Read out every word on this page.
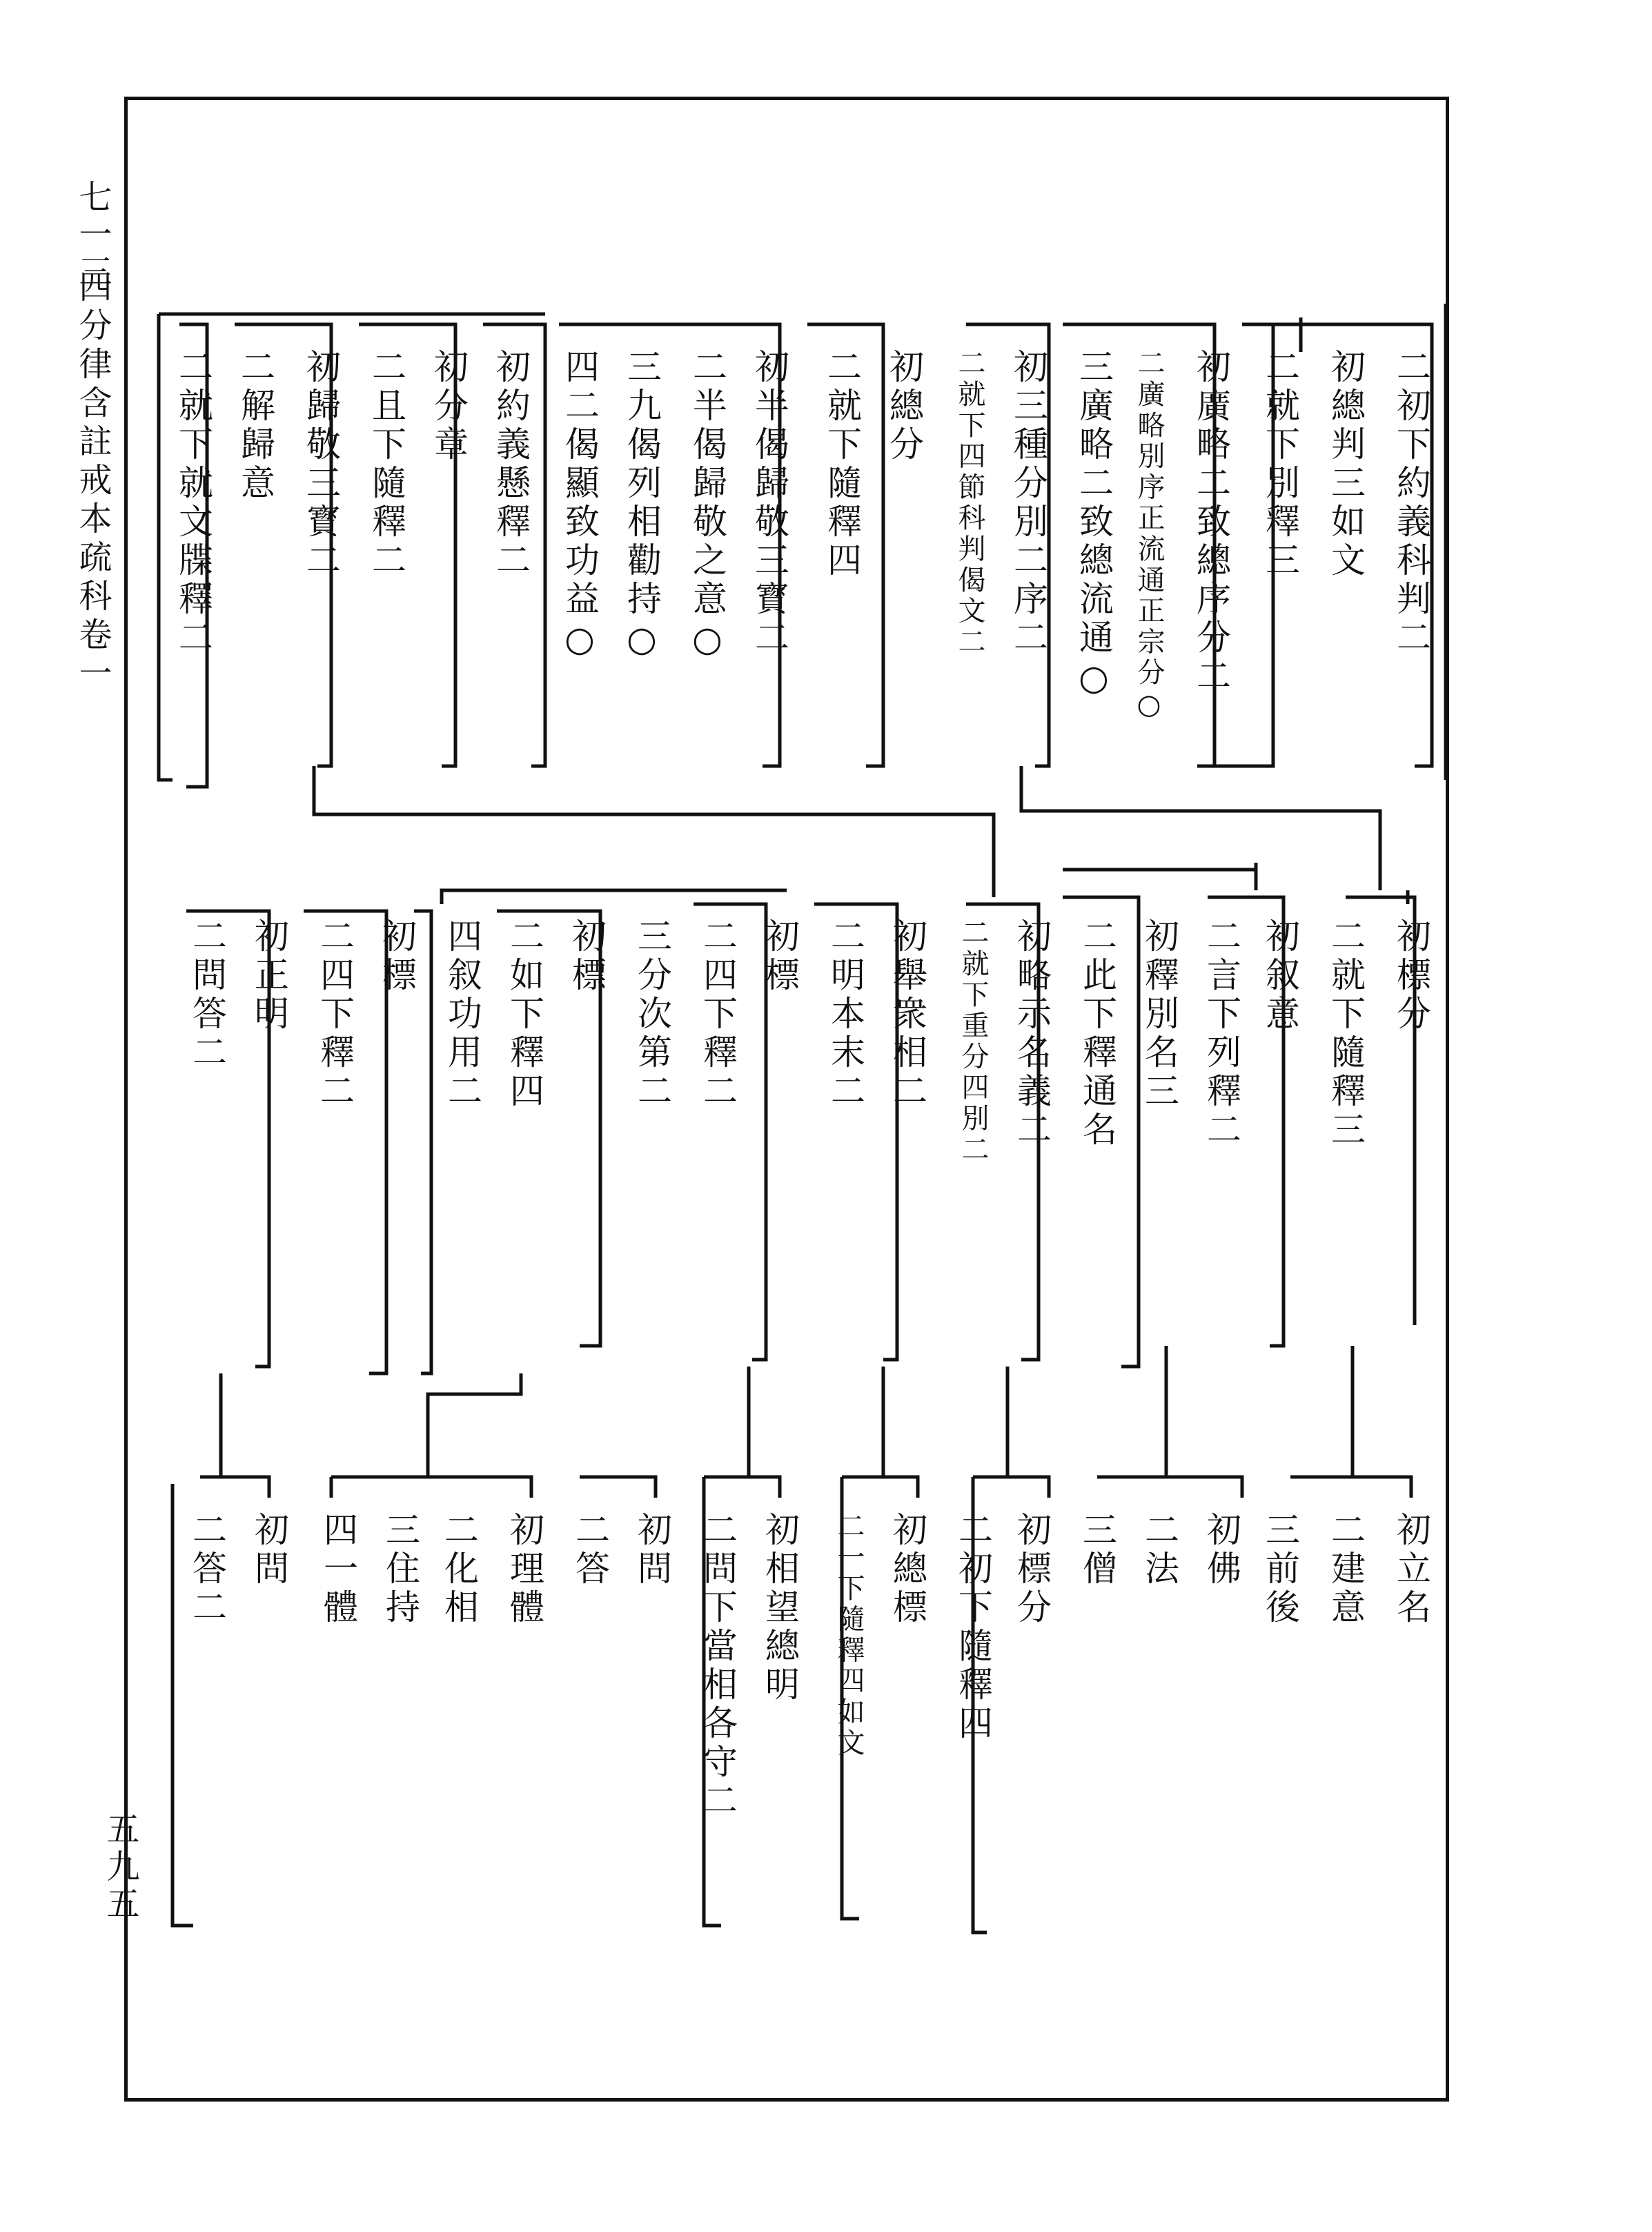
七一三
四分律含註戒本疏科卷一
五九五
二初下約義科判二
初總判三如文
二就下別釋三
初廣略二致總序分二
二廣略別序正流通正宗分○
三廣略二致總流通○
初三種分別二序二
二就下四節科判偈文二
初總分
二就下隨釋四
初半偈歸敬三寳二
二半偈歸敬之意○
三九偈列相勸持○
四二偈顯致功益○
初約義懸釋二
初分章
二且下隨釋二
初歸敬三寳二
二解歸意
二就下就文牒釋二
初標分
二就下隨釋三
初叙意
二言下列釋二
初釋別名三
二此下釋通名
初略示名義二
二就下重分四別二
初舉衆相二
二明本末二
初標
二四下釋二
三分次第二
初標
二如下釋四
四叙功用二
初標
二四下釋二
初正明
二問答二
初立名
二建意
三前後
初佛
二法
三僧
初標分
二初下隨釋四
初總標
二一下隨釋四如文
初相望總明
二問下當相各守二
初問
二答
初理體
二化相
三住持
四一體
初問
二答二
